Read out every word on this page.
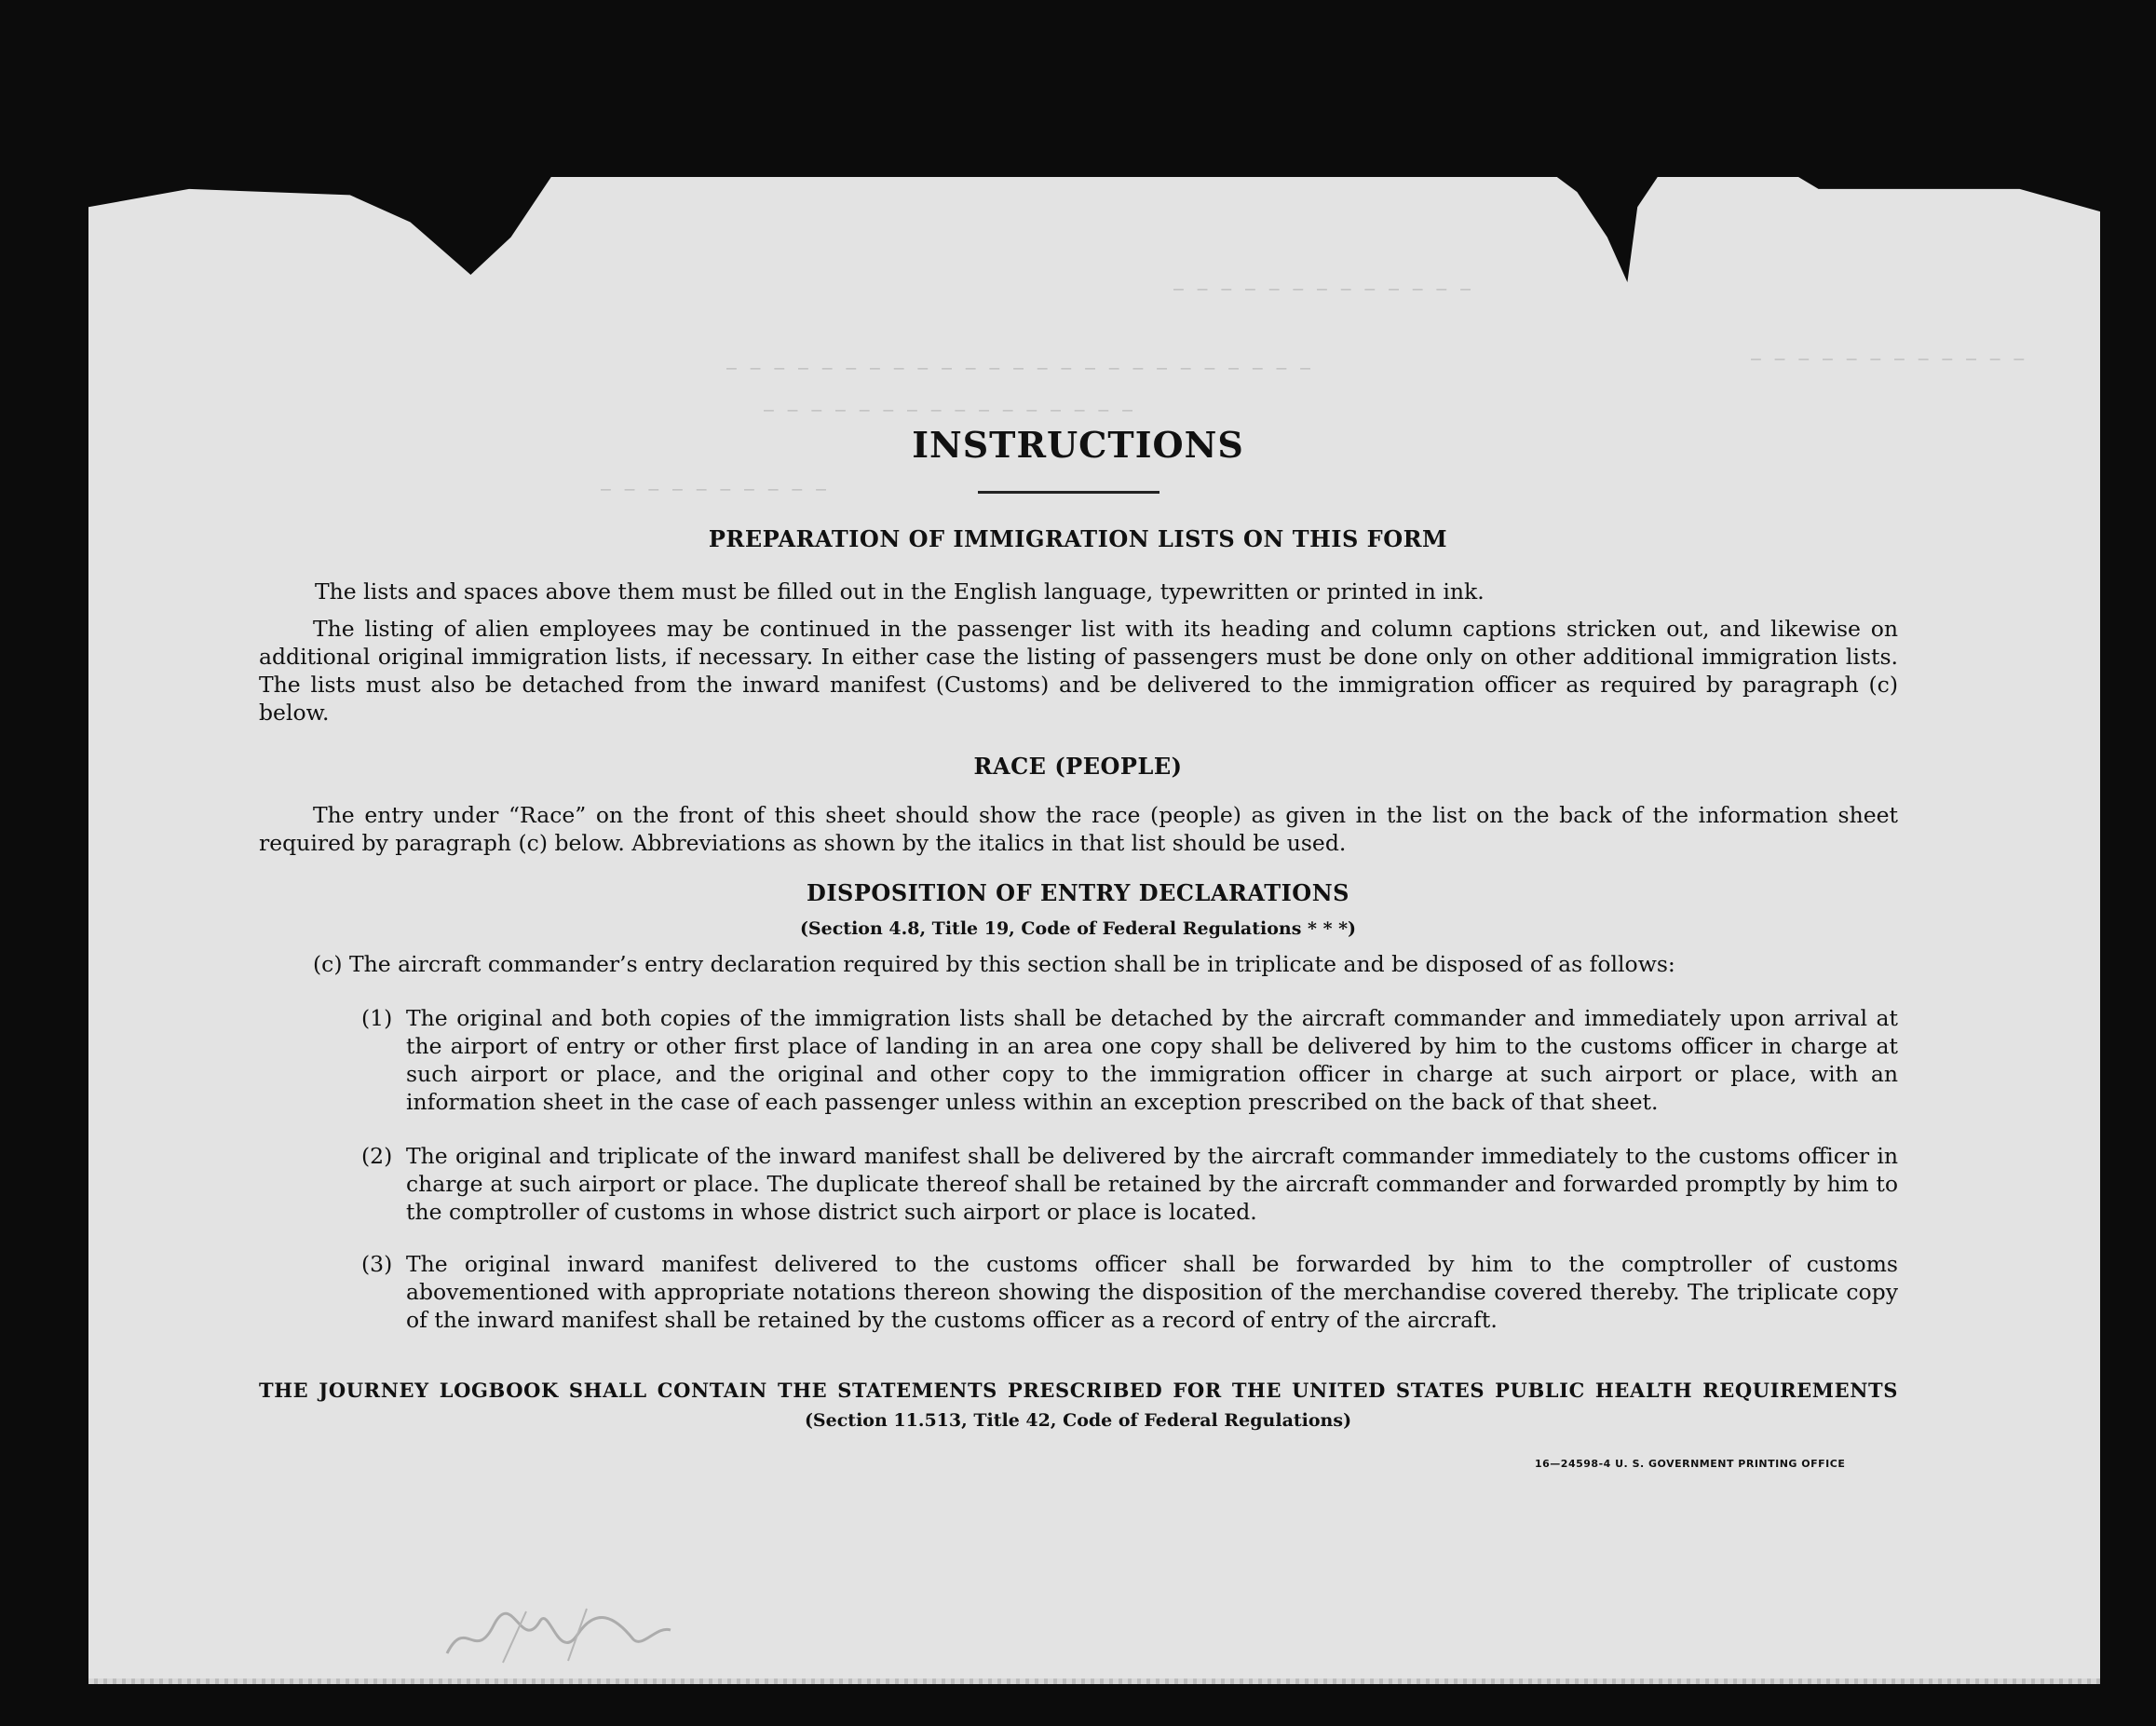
— — — — — — — — — —
— — — — — — — — — — — — —
— — — — — — — — — — — — — — — — — — — — — — — — —
— — — — — — — — — — — — — — — —
— — — — — — — — — — — —
INSTRUCTIONS
PREPARATION OF IMMIGRATION LISTS ON THIS FORM
The lists and spaces above them must be filled out in the English language, typewritten or printed in ink.
The listing of alien employees may be continued in the passenger list with its heading and column captions stricken out, and likewise on additional original immigration lists, if necessary. In either case the listing of passengers must be done only on other additional immigration lists. The lists must also be detached from the inward manifest (Customs) and be delivered to the immigration officer as required by paragraph (c) below.
RACE (PEOPLE)
The entry under “Race” on the front of this sheet should show the race (people) as given in the list on the back of the information sheet required by paragraph (c) below. Abbreviations as shown by the italics in that list should be used.
DISPOSITION OF ENTRY DECLARATIONS
(Section 4.8, Title 19, Code of Federal Regulations * * *)
(c) The aircraft commander’s entry declaration required by this section shall be in triplicate and be disposed of as follows:
(1) The original and both copies of the immigration lists shall be detached by the aircraft commander and immediately upon arrival at the airport of entry or other first place of landing in an area one copy shall be delivered by him to the customs officer in charge at such airport or place, and the original and other copy to the immigration officer in charge at such airport or place, with an information sheet in the case of each passenger unless within an exception prescribed on the back of that sheet.
(2) The original and triplicate of the inward manifest shall be delivered by the aircraft commander immediately to the customs officer in charge at such airport or place. The duplicate thereof shall be retained by the aircraft commander and forwarded promptly by him to the comptroller of customs in whose district such airport or place is located.
(3) The original inward manifest delivered to the customs officer shall be forwarded by him to the comptroller of customs abovementioned with appropriate notations thereon showing the disposition of the merchandise covered thereby. The triplicate copy of the inward manifest shall be retained by the customs officer as a record of entry of the aircraft.
THE JOURNEY LOGBOOK SHALL CONTAIN THE STATEMENTS PRESCRIBED FOR THE UNITED STATES PUBLIC HEALTH REQUIREMENTS
(Section 11.513, Title 42, Code of Federal Regulations)
16—24598-4 U. S. GOVERNMENT PRINTING OFFICE
